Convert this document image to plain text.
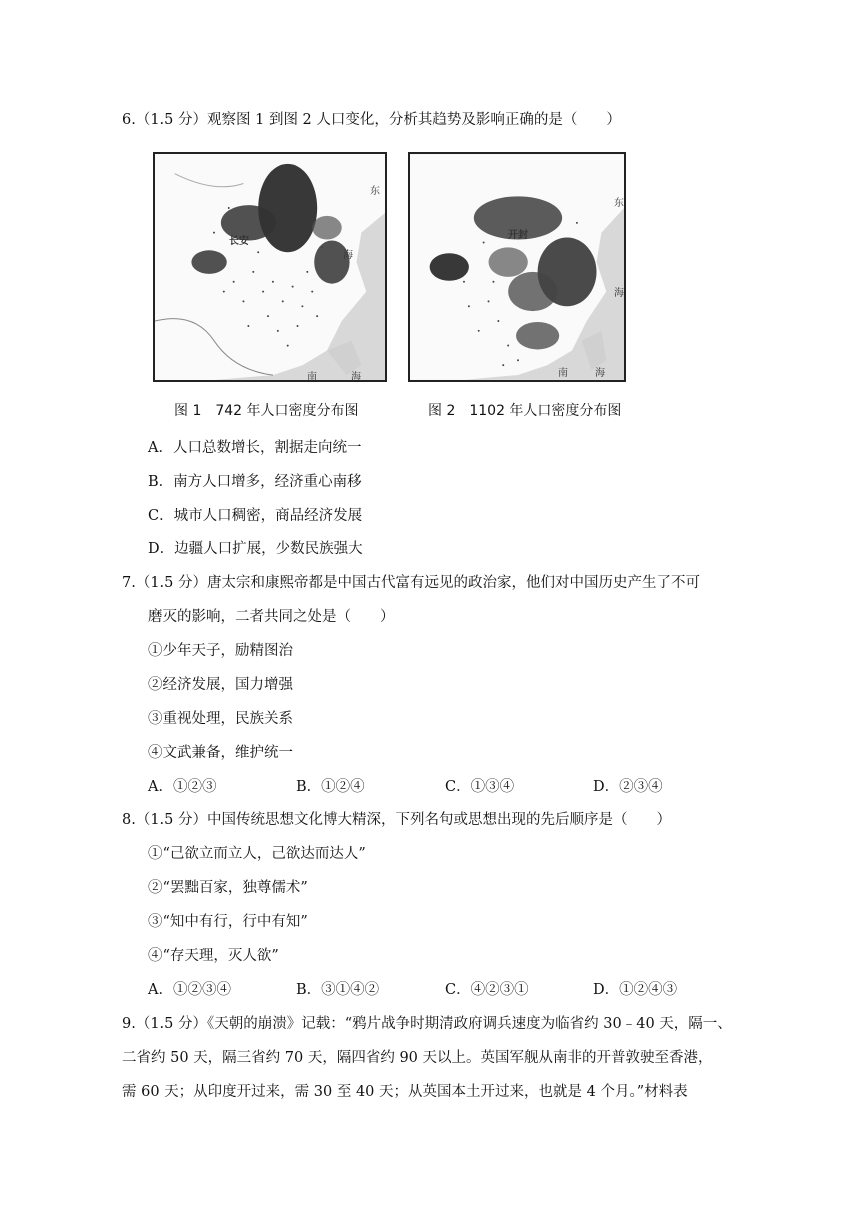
6.（1.5 分）观察图 1 到图 2 人口变化，分析其趋势及影响正确的是（　　）
长安
东
海
南	海
开封
东
海
南	海
图 1　742 年人口密度分布图	图 2　1102 年人口密度分布图
A．人口总数增长，割据走向统一
B．南方人口增多，经济重心南移
C．城市人口稠密，商品经济发展
D．边疆人口扩展，少数民族强大
7.（1.5 分）唐太宗和康熙帝都是中国古代富有远见的政治家，他们对中国历史产生了不可
磨灭的影响，二者共同之处是（　　）
①少年天子，励精图治
②经济发展，国力增强
③重视处理，民族关系
④文武兼备，维护统一
A．①②③	B．①②④	C．①③④	D．②③④
8.（1.5 分）中国传统思想文化博大精深，下列名句或思想出现的先后顺序是（　　）
①“己欲立而立人，己欲达而达人”
②“罢黜百家，独尊儒术”
③“知中有行，行中有知”
④“存天理，灭人欲”
A．①②③④	B．③①④②	C．④②③①	D．①②④③
9.（1.5 分）《天朝的崩溃》记载：“鸦片战争时期清政府调兵速度为临省约 30﹣40 天，隔一、
二省约 50 天，隔三省约 70 天，隔四省约 90 天以上。英国军舰从南非的开普敦驶至香港，
需 60 天；从印度开过来，需 30 至 40 天；从英国本土开过来，也就是 4 个月。”材料表
